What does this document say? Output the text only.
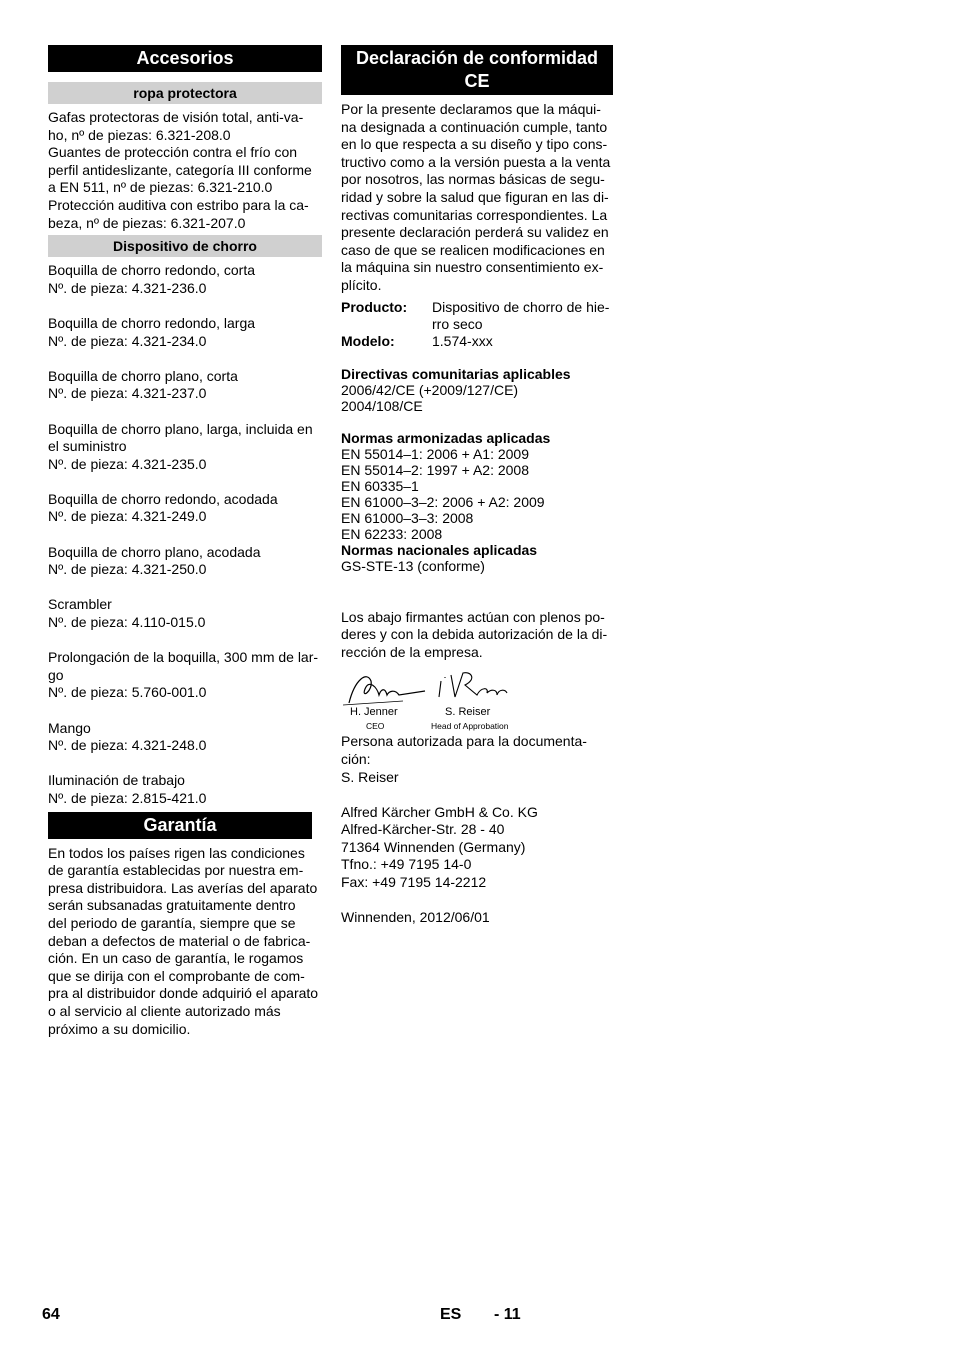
Accesorios
ropa protectora
Gafas protectoras de visión total, anti-va-
ho, nº de piezas: 6.321-208.0
Guantes de protección contra el frío con
perfil antideslizante, categoría III conforme
a EN 511, nº de piezas: 6.321-210.0
Protección auditiva con estribo para la ca-
beza, nº de piezas: 6.321-207.0
Dispositivo de chorro
Boquilla de chorro redondo, corta
Nº. de pieza: 4.321-236.0
Boquilla de chorro redondo, larga
Nº. de pieza: 4.321-234.0
Boquilla de chorro plano, corta
Nº. de pieza: 4.321-237.0
Boquilla de chorro plano, larga, incluida en
el suministro
Nº. de pieza: 4.321-235.0
Boquilla de chorro redondo, acodada
Nº. de pieza: 4.321-249.0
Boquilla de chorro plano, acodada
Nº. de pieza: 4.321-250.0
Scrambler
Nº. de pieza: 4.110-015.0
Prolongación de la boquilla, 300 mm de lar-
go
Nº. de pieza: 5.760-001.0
Mango
Nº. de pieza: 4.321-248.0
Iluminación de trabajo
Nº. de pieza: 2.815-421.0
Garantía
En todos los países rigen las condiciones
de garantía establecidas por nuestra em-
presa distribuidora. Las averías del aparato
serán subsanadas gratuitamente dentro
del periodo de garantía, siempre que se
deban a defectos de material o de fabrica-
ción. En un caso de garantía, le rogamos
que se dirija con el comprobante de com-
pra al distribuidor donde adquirió el aparato
o al servicio al cliente autorizado más
próximo a su domicilio.
Declaración de conformidad
CE
Por la presente declaramos que la máqui-
na designada a continuación cumple, tanto
en lo que respecta a su diseño y tipo cons-
tructivo como a la versión puesta a la venta
por nosotros, las normas básicas de segu-
ridad y sobre la salud que figuran en las di-
rectivas comunitarias correspondientes. La
presente declaración perderá su validez en
caso de que se realicen modificaciones en
la máquina sin nuestro consentimiento ex-
plícito.
Producto:	Dispositivo de chorro de hie-
rro seco

Modelo:	1.574-xxx
Directivas comunitarias aplicables
2006/42/CE (+2009/127/CE)
2004/108/CE
Normas armonizadas aplicadas
EN 55014–1: 2006 + A1: 2009
EN 55014–2: 1997 + A2: 2008
EN 60335–1
EN 61000–3–2: 2006 + A2: 2009
EN 61000–3–3: 2008
EN 62233: 2008
Normas nacionales aplicadas
GS-STE-13 (conforme)
Los abajo firmantes actúan con plenos po-
deres y con la debida autorización de la di-
rección de la empresa.
H. Jenner
CEO
S. Reiser
Head of Approbation
Persona autorizada para la documenta-
ción:
S. Reiser
Alfred Kärcher GmbH & Co. KG
Alfred-Kärcher-Str. 28 - 40
71364 Winnenden (Germany)
Tfno.: +49 7195 14-0
Fax: +49 7195 14-2212
Winnenden, 2012/06/01
64	ES - 11
